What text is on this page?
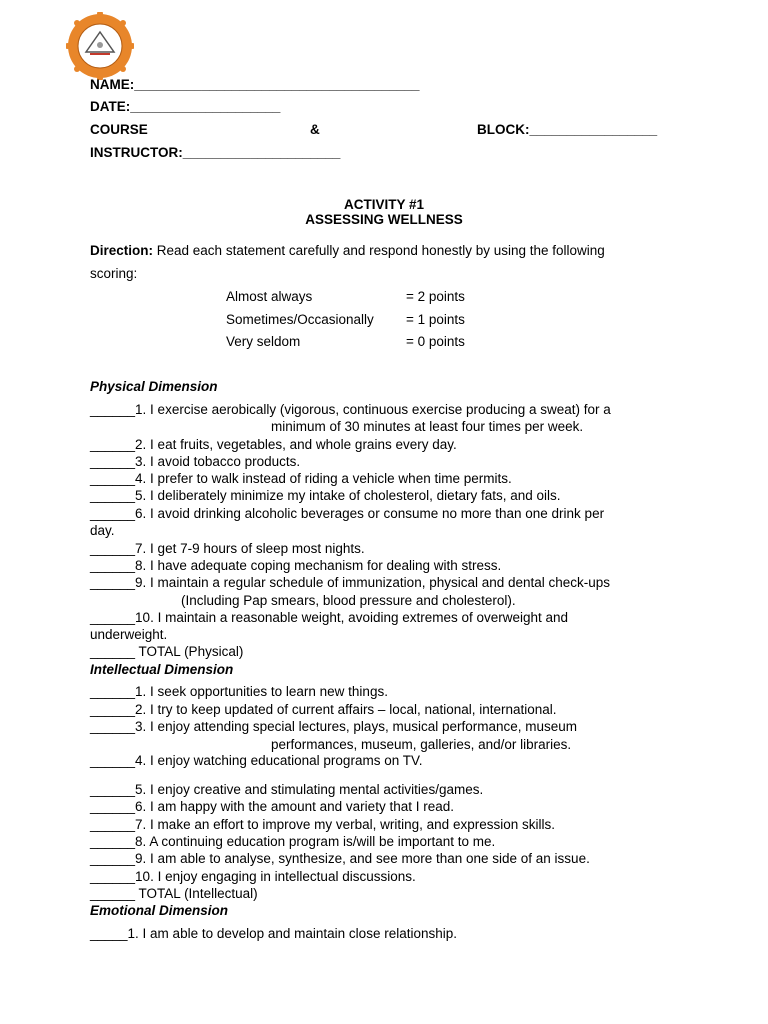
NAME:______________________________________
DATE:____________________
COURSE	&	BLOCK:_________________
INSTRUCTOR:_____________________
ACTIVITY #1
ASSESSING WELLNESS
Direction: Read each statement carefully and respond honestly by using the following
scoring:
Almost always	= 2 points
Sometimes/Occasionally = 1 points
Very seldom	= 0 points
Physical Dimension
______1. I exercise aerobically (vigorous, continuous exercise producing a sweat) for a
minimum of 30 minutes at least four times per week.
______2. I eat fruits, vegetables, and whole grains every day.
______3. I avoid tobacco products.
______4. I prefer to walk instead of riding a vehicle when time permits.
______5. I deliberately minimize my intake of cholesterol, dietary fats, and oils.
______6. I avoid drinking alcoholic beverages or consume no more than one drink per
day.
______7. I get 7-9 hours of sleep most nights.
______8. I have adequate coping mechanism for dealing with stress.
______9. I maintain a regular schedule of immunization, physical and dental check-ups
(Including Pap smears, blood pressure and cholesterol).
______10. I maintain a reasonable weight, avoiding extremes of overweight and
underweight.
______ TOTAL (Physical)
Intellectual Dimension
______1. I seek opportunities to learn new things.
______2. I try to keep updated of current affairs – local, national, international.
______3. I enjoy attending special lectures, plays, musical performance, museum
performances, museum, galleries, and/or libraries.
______4. I enjoy watching educational programs on TV.
______5. I enjoy creative and stimulating mental activities/games.
______6. I am happy with the amount and variety that I read.
______7. I make an effort to improve my verbal, writing, and expression skills.
______8. A continuing education program is/will be important to me.
______9. I am able to analyse, synthesize, and see more than one side of an issue.
______10. I enjoy engaging in intellectual discussions.
______ TOTAL (Intellectual)
Emotional Dimension
_____1. I am able to develop and maintain close relationship.
